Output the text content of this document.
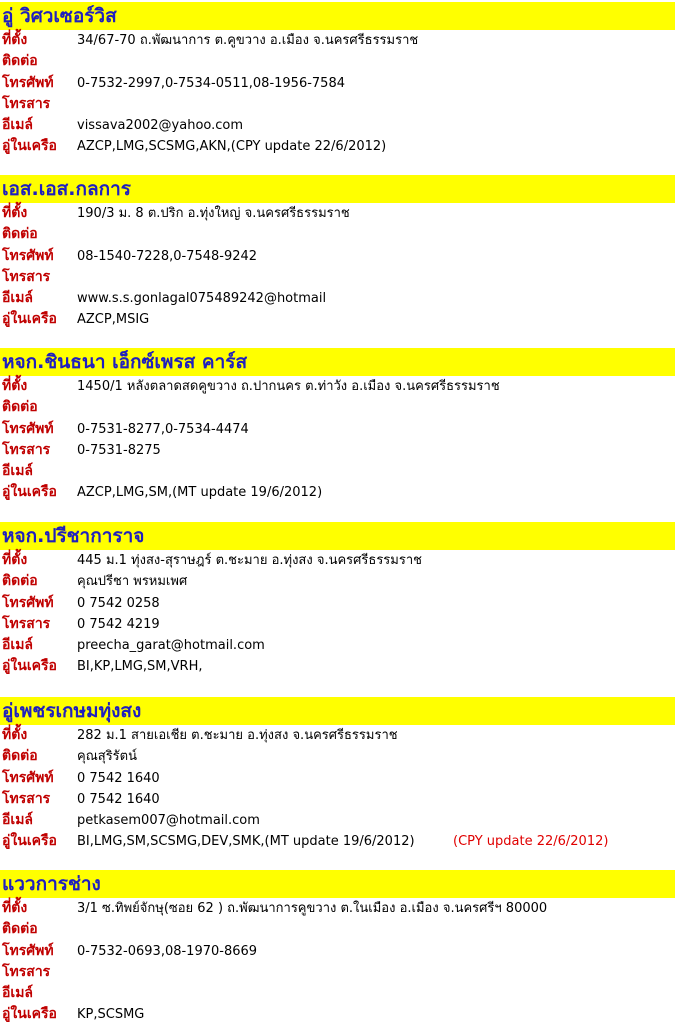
อู่ วิศวเซอร์วิส
ที่ตั้ง	34/67-70 ถ.พัฒนาการ ต.คูขวาง อ.เมือง จ.นครศรีธรรมราช
ติดต่อ
โทรศัพท์ 0-7532-2997,0-7534-0511,08-1956-7584
โทรสาร
อีเมล์	vissava2002@yahoo.com
อู่ในเครือ AZCP,LMG,SCSMG,AKN,(CPY update 22/6/2012)
เอส.เอส.กลการ
ที่ตั้ง	190/3 ม. 8 ต.ปริก อ.ทุ่งใหญ่ จ.นครศรีธรรมราช
ติดต่อ
โทรศัพท์ 08-1540-7228,0-7548-9242
โทรสาร
อีเมล์	www.s.s.gonlagal075489242@hotmail
อู่ในเครือ AZCP,MSIG
หจก.ชินธนา เอ็กซ์เพรส คาร์ส
ที่ตั้ง	1450/1 หลังตลาดสดคูขวาง ถ.ปากนคร ต.ท่าวัง อ.เมือง จ.นครศรีธรรมราช
ติดต่อ
โทรศัพท์ 0-7531-8277,0-7534-4474
โทรสาร 0-7531-8275
อีเมล์
อู่ในเครือ AZCP,LMG,SM,(MT update 19/6/2012)
หจก.ปรีชาการาจ
ที่ตั้ง	445 ม.1 ทุ่งสง-สุราษฎร์ ต.ชะมาย อ.ทุ่งสง จ.นครศรีธรรมราช
ติดต่อ	คุณปรีชา พรหมเพศ
โทรศัพท์ 0 7542 0258
โทรสาร 0 7542 4219
อีเมล์	preecha_garat@hotmail.com
อู่ในเครือ BI,KP,LMG,SM,VRH,
อู่เพชรเกษมทุ่งสง
ที่ตั้ง	282 ม.1 สายเอเชีย ต.ชะมาย อ.ทุ่งสง จ.นครศรีธรรมราช
ติดต่อ	คุณสุริรัตน์
โทรศัพท์ 0 7542 1640
โทรสาร 0 7542 1640
อีเมล์	petkasem007@hotmail.com
อู่ในเครือ BI,LMG,SM,SCSMG,DEV,SMK,(MT update 19/6/2012)	(CPY update 22/6/2012)
แววการช่าง
ที่ตั้ง	3/1 ซ.ทิพย์จักษุ(ซอย 62 ) ถ.พัฒนาการคูขวาง ต.ในเมือง อ.เมือง จ.นครศรีฯ 80000
ติดต่อ
โทรศัพท์ 0-7532-0693,08-1970-8669
โทรสาร
อีเมล์
อู่ในเครือ KP,SCSMG
